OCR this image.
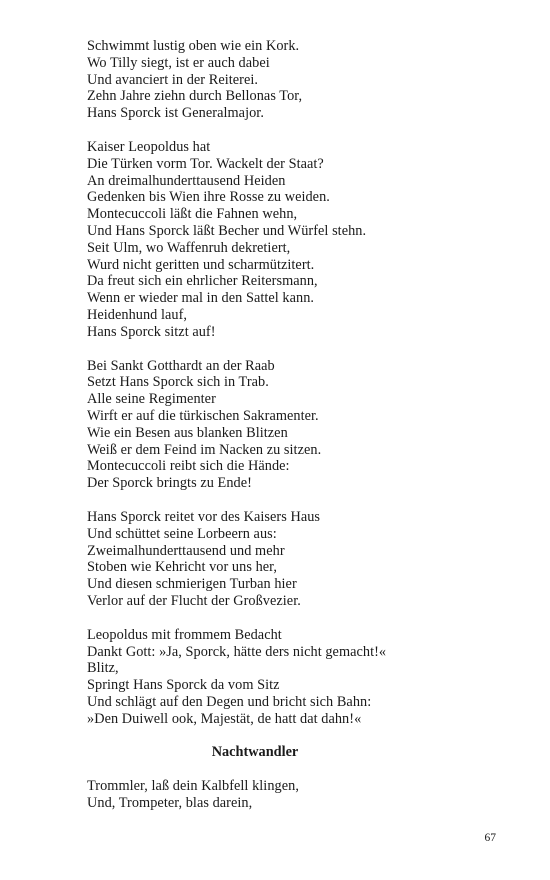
Schwimmt lustig oben wie ein Kork.
Wo Tilly siegt, ist er auch dabei
Und avanciert in der Reiterei.
Zehn Jahre ziehn durch Bellonas Tor,
Hans Sporck ist Generalmajor.
Kaiser Leopoldus hat
Die Türken vorm Tor. Wackelt der Staat?
An dreimalhunderttausend Heiden
Gedenken bis Wien ihre Rosse zu weiden.
Montecuccoli läßt die Fahnen wehn,
Und Hans Sporck läßt Becher und Würfel stehn.
Seit Ulm, wo Waffenruh dekretiert,
Wurd nicht geritten und scharmützitert.
Da freut sich ein ehrlicher Reitersmann,
Wenn er wieder mal in den Sattel kann.
Heidenhund lauf,
Hans Sporck sitzt auf!
Bei Sankt Gotthardt an der Raab
Setzt Hans Sporck sich in Trab.
Alle seine Regimenter
Wirft er auf die türkischen Sakramenter.
Wie ein Besen aus blanken Blitzen
Weiß er dem Feind im Nacken zu sitzen.
Montecuccoli reibt sich die Hände:
Der Sporck bringts zu Ende!
Hans Sporck reitet vor des Kaisers Haus
Und schüttet seine Lorbeern aus:
Zweimalhunderttausend und mehr
Stoben wie Kehricht vor uns her,
Und diesen schmierigen Turban hier
Verlor auf der Flucht der Großvezier.
Leopoldus mit frommem Bedacht
Dankt Gott: »Ja, Sporck, hätte ders nicht gemacht!«
Blitz,
Springt Hans Sporck da vom Sitz
Und schlägt auf den Degen und bricht sich Bahn:
»Den Duiwell ook, Majestät, de hatt dat dahn!«
Nachtwandler
Trommler, laß dein Kalbfell klingen,
Und, Trompeter, blas darein,
67
